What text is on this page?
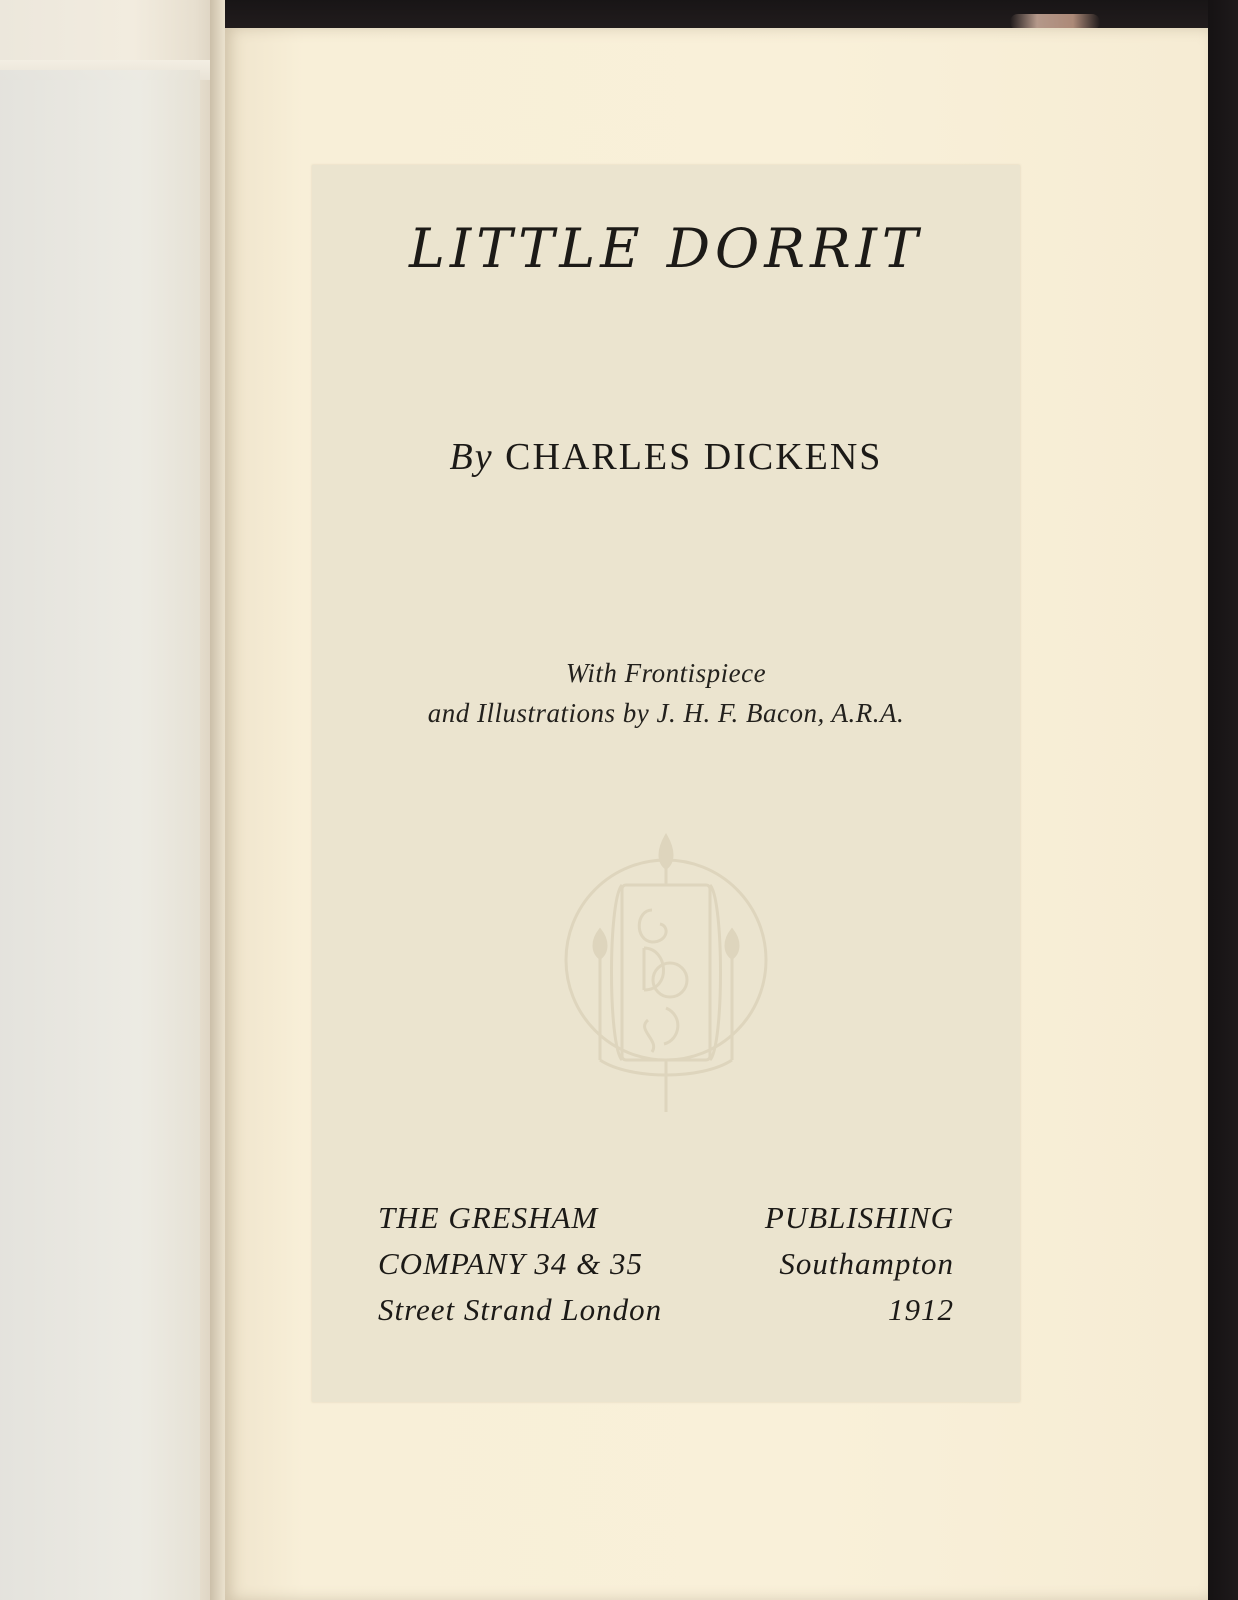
LITTLE DORRIT
By CHARLES DICKENS
With Frontispiece
and Illustrations by J. H. F. Bacon, A.R.A.
THE GRESHAM	PUBLISHING
COMPANY 34 & 35	Southampton
Street Strand London	1912
